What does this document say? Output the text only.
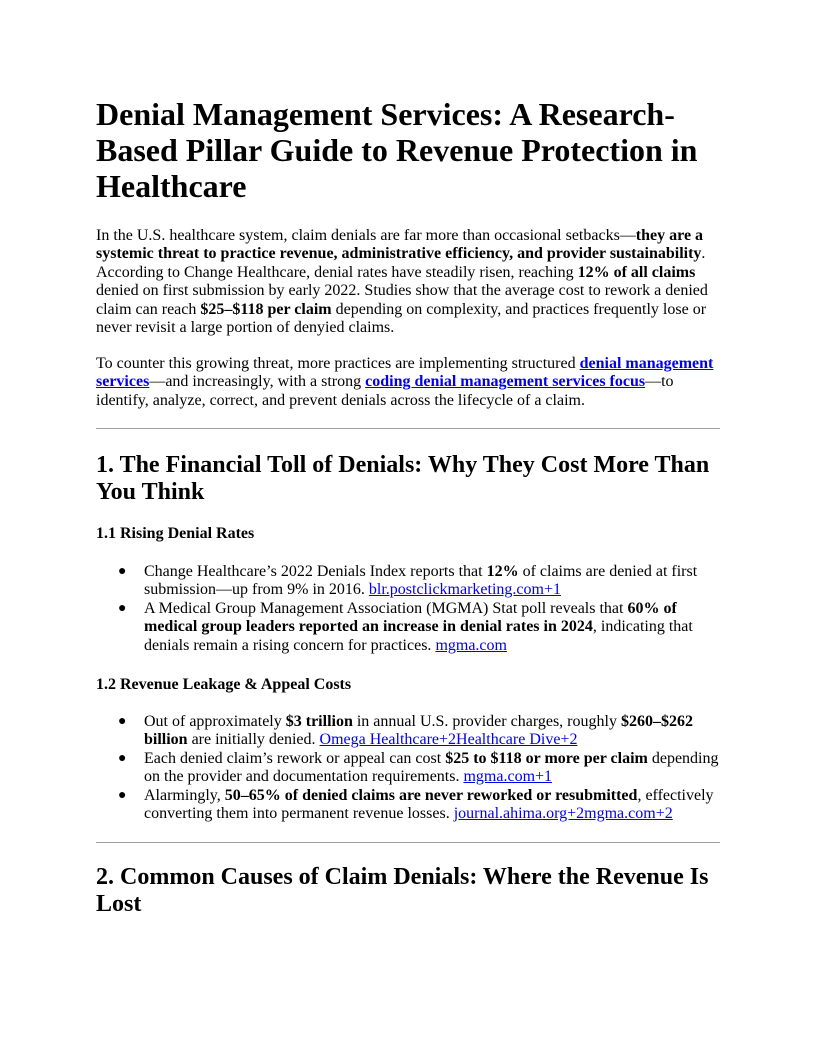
Denial Management Services: A Research-Based Pillar Guide to Revenue Protection in Healthcare

In the U.S. healthcare system, claim denials are far more than occasional setbacks—they are a systemic threat to practice revenue, administrative efficiency, and provider sustainability. According to Change Healthcare, denial rates have steadily risen, reaching 12% of all claims denied on first submission by early 2022. Studies show that the average cost to rework a denied claim can reach $25–$118 per claim depending on complexity, and practices frequently lose or never revisit a large portion of denyied claims.

To counter this growing threat, more practices are implementing structured denial management services—and increasingly, with a strong coding denial management services focus—to identify, analyze, correct, and prevent denials across the lifecycle of a claim.

1. The Financial Toll of Denials: Why They Cost More Than You Think
1.1 Rising Denial Rates
● Change Healthcare’s 2022 Denials Index reports that 12% of claims are denied at first submission—up from 9% in 2016. blr.postclickmarketing.com+1
● A Medical Group Management Association (MGMA) Stat poll reveals that 60% of medical group leaders reported an increase in denial rates in 2024, indicating that denials remain a rising concern for practices. mgma.com
1.2 Revenue Leakage & Appeal Costs
● Out of approximately $3 trillion in annual U.S. provider charges, roughly $260–$262 billion are initially denied. Omega Healthcare+2Healthcare Dive+2
● Each denied claim’s rework or appeal can cost $25 to $118 or more per claim depending on the provider and documentation requirements. mgma.com+1
● Alarmingly, 50–65% of denied claims are never reworked or resubmitted, effectively converting them into permanent revenue losses. journal.ahima.org+2mgma.com+2
2. Common Causes of Claim Denials: Where the Revenue Is Lost
